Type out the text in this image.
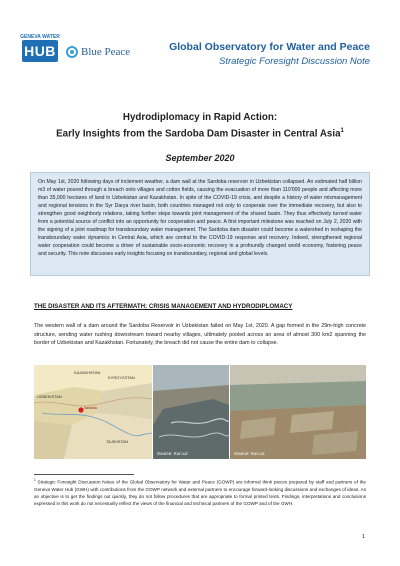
GENEVA WATER
HUB Blue Peace	Global Observatory for Water and Peace
Strategic Foresight Discussion Note
Hydrodiplomacy in Rapid Action:
Early Insights from the Sardoba Dam Disaster in Central Asia$^1$
September 2020

On May 1st, 2020 following days of inclement weather, a dam wall at the Sardoba reservoir in Uzbekistan collapsed. An estimated half billion m3 of water poured through a breach onto villages and cotton fields, causing the evacuation of more than 110'000 people and affecting more than 35,000 hectares of land in Uzbekistan and Kazakhstan. In spite of the COVID-19 crisis, and despite a history of water mismanagement and regional tensions in the Syr Darya river basin, both countries managed not only to cooperate over the immediate recovery, but also to strengthen good neighborly relations, taking further steps towards joint management of the shared basin. They thus effectively turned water from a potential source of conflict into an opportunity for cooperation and peace. A first important milestone was reached on July 2, 2020 with the signing of a joint roadmap for transboundary water management. The Sardoba dam disaster could become a watershed in reshaping the transboundary water dynamics in Central Asia, which are central to the COVID-19 response and recovery. Indeed, strengthened regional water cooperation could become a driver of sustainable socio-economic recovery in a profoundly changed world economy, fostering peace and security. This note discusses early insights focusing on transboundary, regional and global levels.

THE DISASTER AND ITS AFTERMATH: CRISIS MANAGEMENT AND HYDRODIPLOMACY
The western wall of a dam around the Sardoba Reservoir in Uzbekistan failed on May 1st, 2020. A gap formed in the 29m-high concrete structure, sending water rushing downstream toward nearby villages, ultimately pooled across an area of almost 300 km2 spanning the border of Uzbekistan and Kazakhstan. Fortunately, the breach did not cause the entire dam to collapse.
KAZAKHSTAN
KYRGYZSTAN
UZBEKISTAN
TAJIKISTAN
Sardoba
Source: Kun.uz	Source: Kun.uz
$^1$ Strategic Foresight Discussion Notes of the Global Observatory for Water and Peace (GOWP) are informal think pieces prepared by staff and partners of the Geneva Water Hub (GWH) with contributions from the GOWP network and external partners to encourage forward-looking discussions and exchanges of ideas. As an objective is to get the findings out quickly, they do not follow procedures that are appropriate to formal printed texts. Findings, interpretations and conclusions expressed in this work do not necessarily reflect the views of the financial and technical partners of the GOWP and of the GWH.
1
